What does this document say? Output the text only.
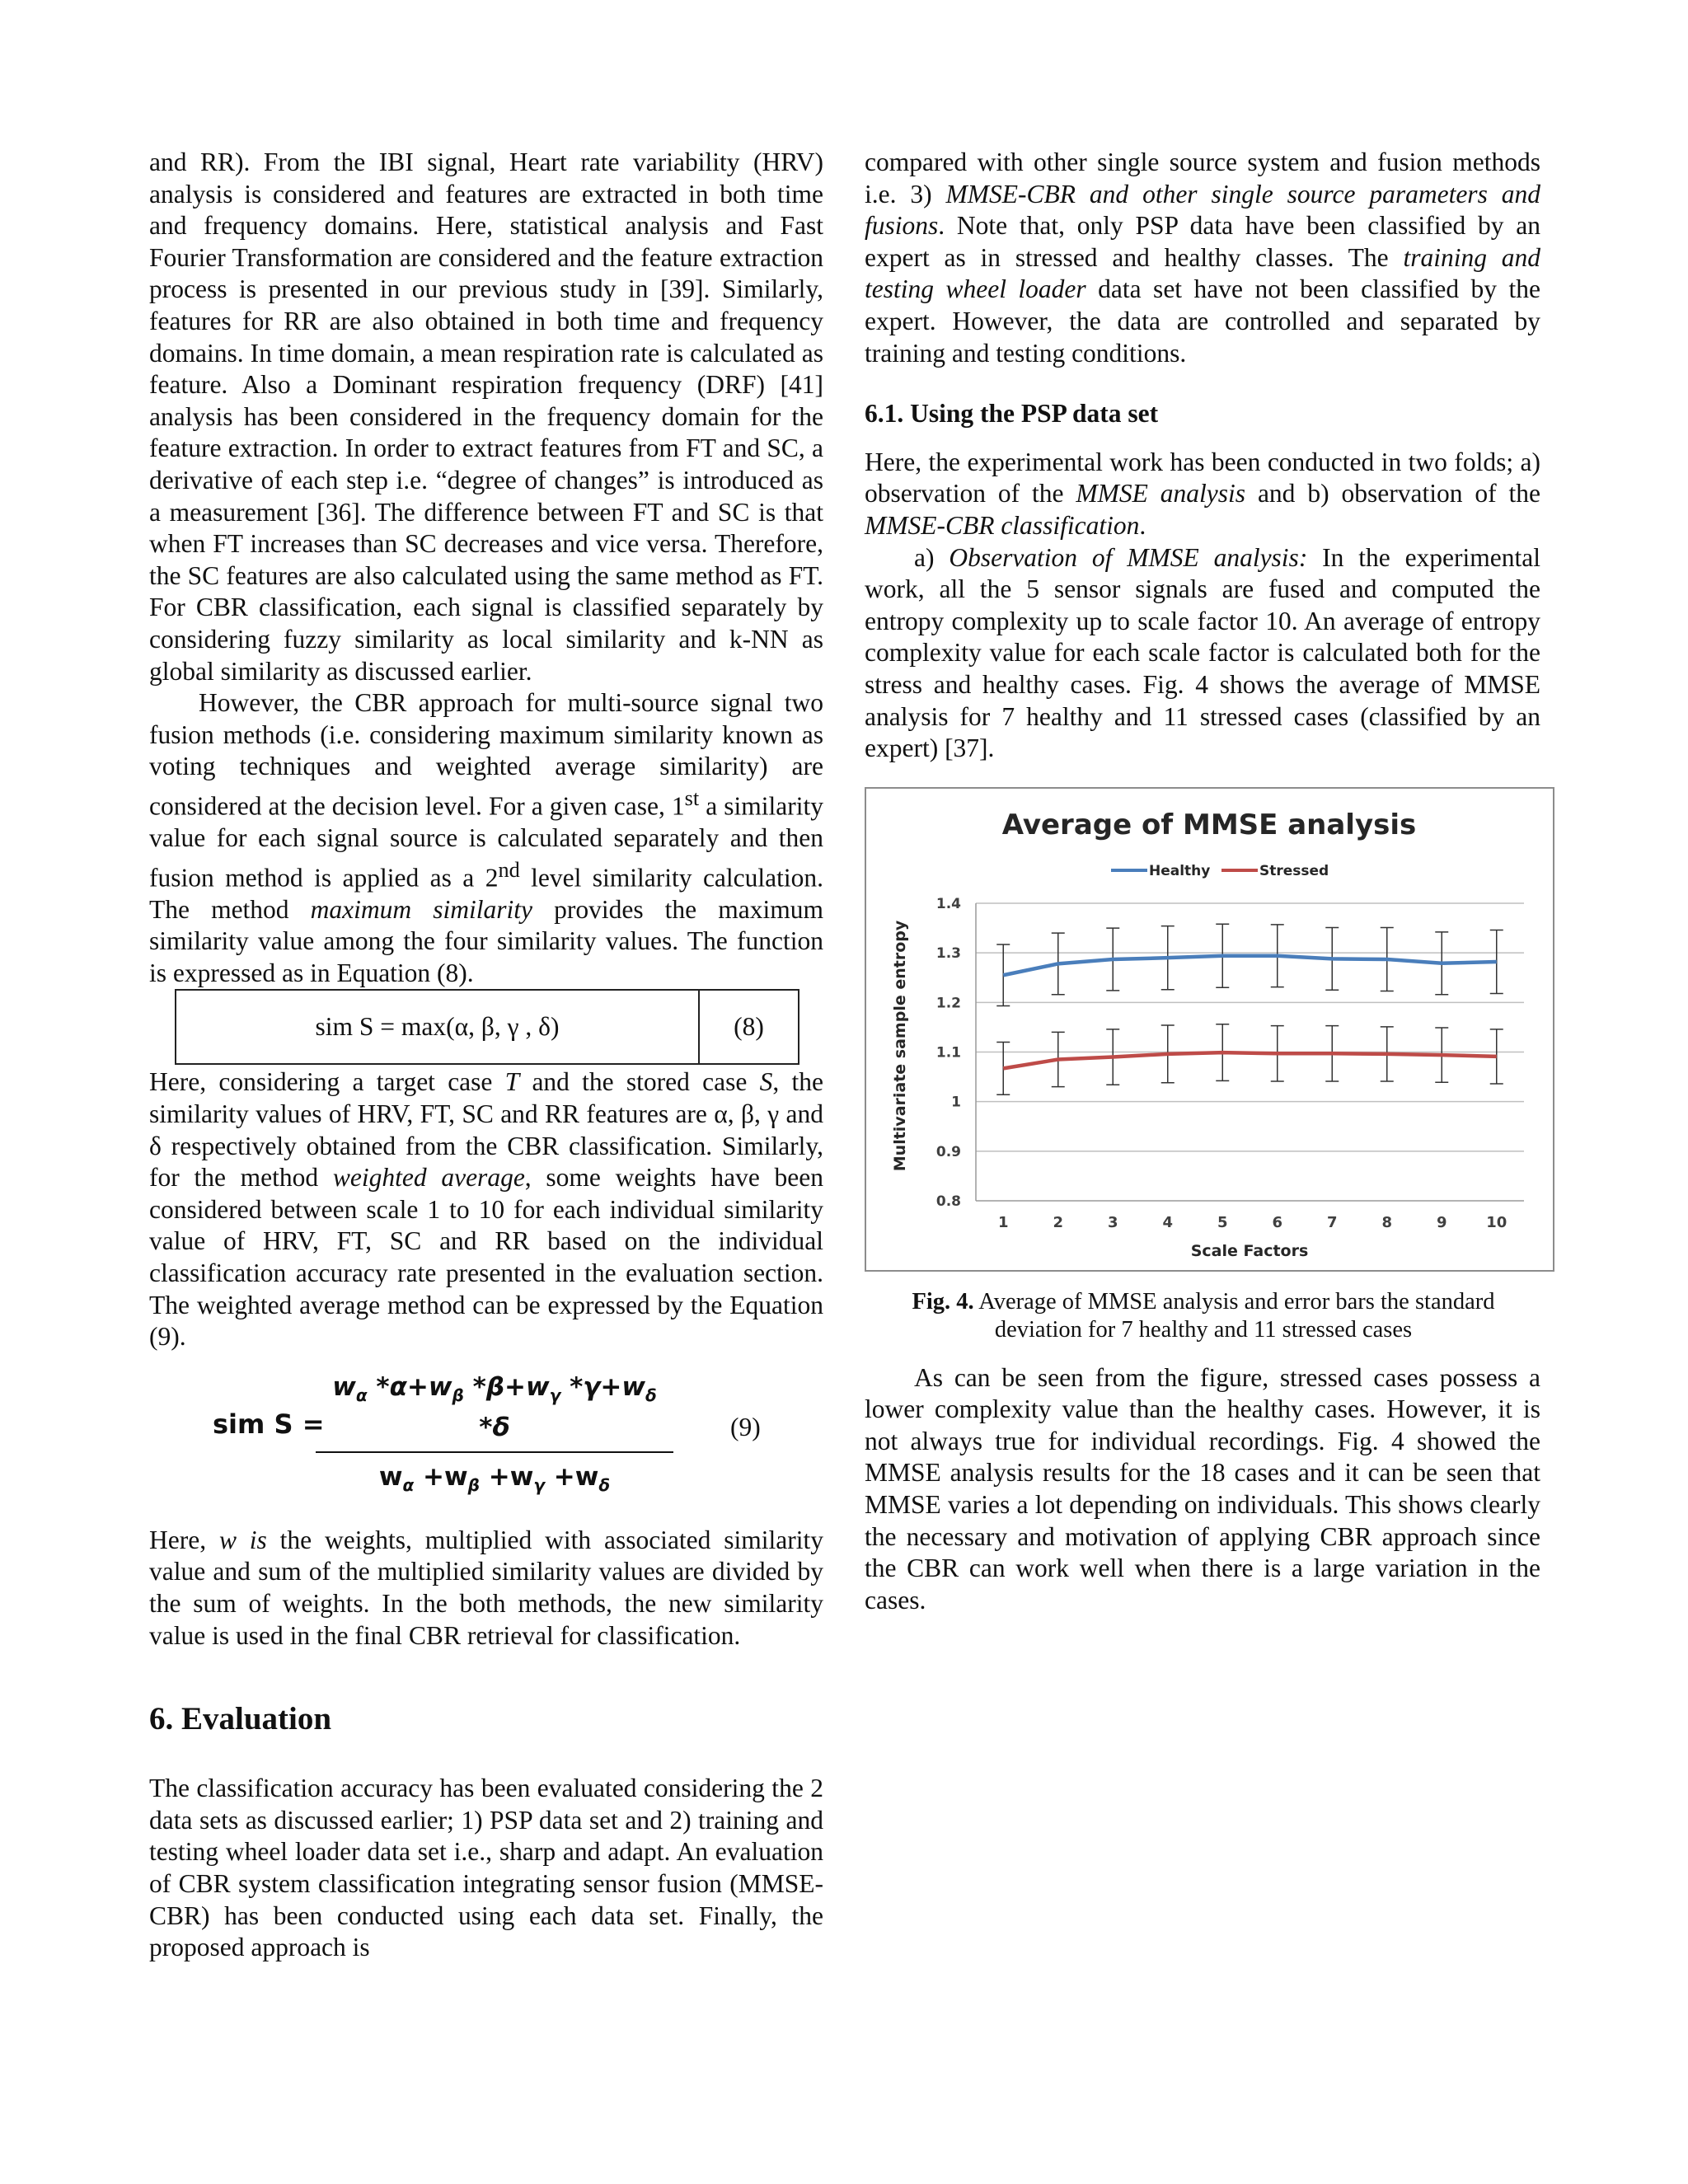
and RR). From the IBI signal, Heart rate variability (HRV) analysis is considered and features are extracted in both time and frequency domains. Here, statistical analysis and Fast Fourier Transformation are considered and the feature extraction process is presented in our previous study in [39]. Similarly, features for RR are also obtained in both time and frequency domains. In time domain, a mean respiration rate is calculated as feature. Also a Dominant respiration frequency (DRF) [41] analysis has been considered in the frequency domain for the feature extraction. In order to extract features from FT and SC, a derivative of each step i.e. “degree of changes” is introduced as a measurement [36]. The difference between FT and SC is that when FT increases than SC decreases and vice versa. Therefore, the SC features are also calculated using the same method as FT. For CBR classification, each signal is classified separately by considering fuzzy similarity as local similarity and k-NN as global similarity as discussed earlier.

However, the CBR approach for multi-source signal two fusion methods (i.e. considering maximum similarity known as voting techniques and weighted average similarity) are considered at the decision level. For a given case, 1st a similarity value for each signal source is calculated separately and then fusion method is applied as a 2nd level similarity calculation. The method maximum similarity provides the maximum similarity value among the four similarity values. The function is expressed as in Equation (8).

sim S = max(α, β, γ , δ)	(8)

Here, considering a target case T and the stored case S, the similarity values of HRV, FT, SC and RR features are α, β, γ and δ respectively obtained from the CBR classification. Similarly, for the method weighted average, some weights have been considered between scale 1 to 10 for each individual similarity value of HRV, FT, SC and RR based on the individual classification accuracy rate presented in the evaluation section. The weighted average method can be expressed by the Equation (9).

sim S =
$\frac{w_\alpha *\alpha+w_\beta *\beta+w_\gamma *\gamma+w_\delta *\delta}{w_\alpha +w_\beta +w_\gamma +w_\delta} (9)$

Here, w is the weights, multiplied with associated similarity value and sum of the multiplied similarity values are divided by the sum of weights. In the both methods, the new similarity value is used in the final CBR retrieval for classification.

6. Evaluation

The classification accuracy has been evaluated considering the 2 data sets as discussed earlier; 1) PSP data set and 2) training and testing wheel loader data set i.e., sharp and adapt. An evaluation of CBR system classification integrating sensor fusion (MMSE-CBR) has been conducted using each data set. Finally, the proposed approach is

compared with other single source system and fusion methods i.e. 3) MMSE-CBR and other single source parameters and fusions. Note that, only PSP data have been classified by an expert as in stressed and healthy classes. The training and testing wheel loader data set have not been classified by the expert. However, the data are controlled and separated by training and testing conditions.

6.1. Using the PSP data set

Here, the experimental work has been conducted in two folds; a) observation of the MMSE analysis and b) observation of the MMSE-CBR classification.

a) Observation of MMSE analysis: In the experimental work, all the 5 sensor signals are fused and computed the entropy complexity up to scale factor 10. An average of entropy complexity value for each scale factor is calculated both for the stress and healthy cases. Fig. 4 shows the average of MMSE analysis for 7 healthy and 11 stressed cases (classified by an expert) [37].

Average of MMSE analysis
Healthy	Stressed
0.8
0.9
1
1.1
1.2
1.3
1.4
1	2	3	4	5	6	7	8	9	10
Scale Factors
Multivariate sample entropy

Fig. 4. Average of MMSE analysis and error bars the standard deviation for 7 healthy and 11 stressed cases

As can be seen from the figure, stressed cases possess a lower complexity value than the healthy cases. However, it is not always true for individual recordings. Fig. 4 showed the MMSE analysis results for the 18 cases and it can be seen that MMSE varies a lot depending on individuals. This shows clearly the necessary and motivation of applying CBR approach since the CBR can work well when there is a large variation in the cases.
